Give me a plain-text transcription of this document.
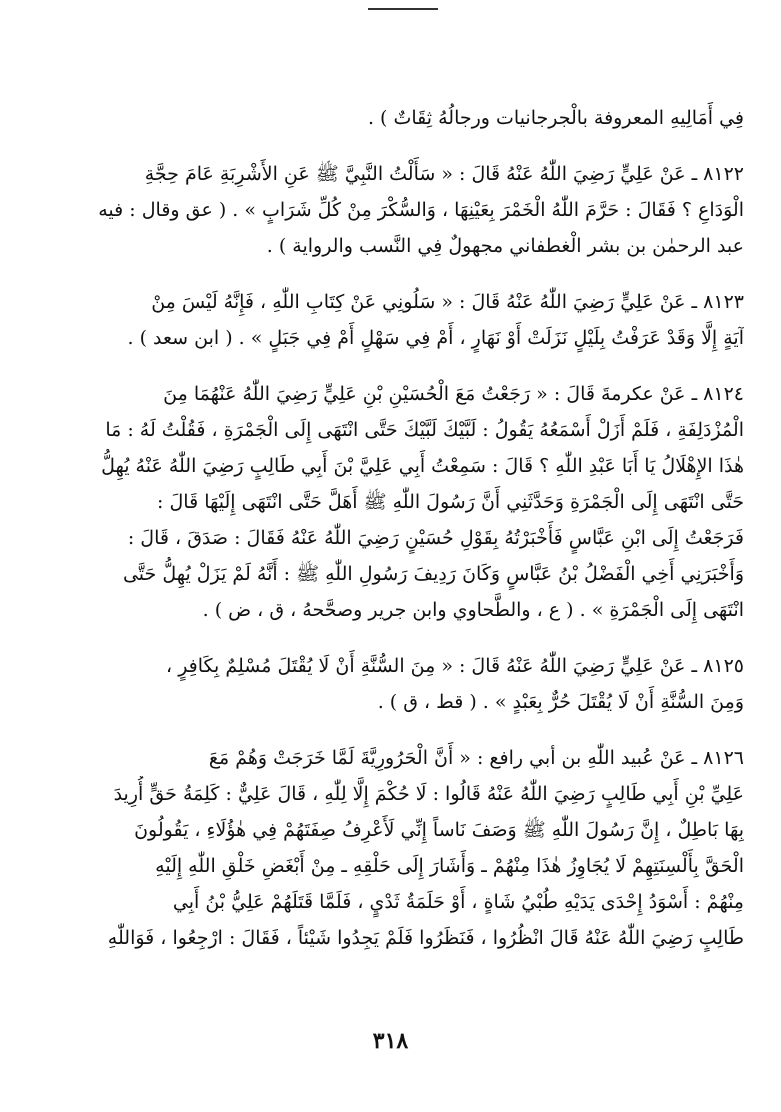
فِي أَمَالِيهِ المعروفة بالْجرجانيات ورجالُهُ ثِقَاتٌ ) .
٨١٢٢ ـ عَنْ عَلِيٍّ رَضِيَ اللّٰهُ عَنْهُ قَالَ : « سَأَلْتُ النَّبِيَّ ﷺ عَنِ الأَشْرِبَةِ عَامَ حِجَّةِ
الْوَدَاعِ ؟ فَقَالَ : حَرَّمَ اللّٰهُ الْخَمْرَ بِعَيْنِهَا ، وَالسُّكْرَ مِنْ كُلِّ شَرَابٍ » . ( عق وقال : فيه
عبد الرحمٰن بن بشر الْغطفاني مجهولٌ فِي النَّسب والرواية ) .
٨١٢٣ ـ عَنْ عَلِيٍّ رَضِيَ اللّٰهُ عَنْهُ قَالَ : « سَلُونِي عَنْ كِتَابِ اللّٰهِ ، فَإِنَّهُ لَيْسَ مِنْ
آيَةٍ إِلَّا وَقَدْ عَرَفْتُ بِلَيْلٍ نَزَلَتْ أَوْ نَهَارٍ ، أَمْ فِي سَهْلٍ أَمْ فِي جَبَلٍ » . ( ابن سعد ) .
٨١٢٤ ـ عَنْ عكرمةَ قَالَ : « رَجَعْتُ مَعَ الْحُسَيْنِ بْنِ عَلِيٍّ رَضِيَ اللّٰهُ عَنْهُمَا مِنَ
الْمُزْدَلِفَةِ ، فَلَمْ أَزَلْ أَسْمَعُهُ يَقُولُ : لَبَّيْكَ لَبَّيْكَ حَتَّى انْتَهَى إِلَى الْجَمْرَةِ ، فَقُلْتُ لَهُ : مَا
هٰذَا الإِهْلَالُ يَا أَبَا عَبْدِ اللّٰهِ ؟ قَالَ : سَمِعْتُ أَبِي عَلِيَّ بْنَ أَبِي طَالِبٍ رَضِيَ اللّٰهُ عَنْهُ يُهِلُّ
حَتَّى انْتَهَى إِلَى الْجَمْرَةِ وَحَدَّثَنِي أَنَّ رَسُولَ اللّٰهِ ﷺ أَهَلَّ حَتَّى انْتَهَى إِلَيْهَا قَالَ :
فَرَجَعْتُ إِلَى ابْنِ عَبَّاسٍ فَأَخْبَرْتُهُ بِقَوْلِ حُسَيْنٍ رَضِيَ اللّٰهُ عَنْهُ فَقَالَ : صَدَقَ ، قَالَ :
وَأَخْبَرَنِي أَخِي الْفَضْلُ بْنُ عَبَّاسٍ وَكَانَ رَدِيفَ رَسُولِ اللّٰهِ ﷺ : أَنَّهُ لَمْ يَزَلْ يُهِلُّ حَتَّى
انْتَهَى إِلَى الْجَمْرَةِ » . ( ع ، والطَّحاوي وابن جرير وصحَّحهُ ، ق ، ض ) .
٨١٢٥ ـ عَنْ عَلِيٍّ رَضِيَ اللّٰهُ عَنْهُ قَالَ : « مِنَ السُّنَّةِ أَنْ لَا يُقْتَلَ مُسْلِمٌ بِكَافِرٍ ،
وَمِنَ السُّنَّةِ أَنْ لَا يُقْتَلَ حُرٌّ بِعَبْدٍ » . ( قط ، ق ) .
٨١٢٦ ـ عَنْ عُبيد اللّٰهِ بن أبي رافع : « أَنَّ الْحَرُورِيَّةَ لَمَّا خَرَجَتْ وَهُمْ مَعَ
عَلِيِّ بْنِ أَبِي طَالِبٍ رَضِيَ اللّٰهُ عَنْهُ قَالُوا : لَا حُكْمَ إِلَّا لِلّٰهِ ، قَالَ عَلِيٌّ : كَلِمَةُ حَقٍّ أُرِيدَ
بِهَا بَاطِلٌ ، إِنَّ رَسُولَ اللّٰهِ ﷺ وَصَفَ نَاساً إِنِّي لَأَعْرِفُ صِفَتَهُمْ فِي هٰؤُلَاءِ ، يَقُولُونَ
الْحَقَّ بِأَلْسِنَتِهِمْ لَا يُجَاوِزُ هٰذَا مِنْهُمْ ـ وَأَشَارَ إِلَى حَلْقِهِ ـ مِنْ أَبْغَضِ خَلْقِ اللّٰهِ إِلَيْهِ
مِنْهُمْ : أَسْوَدُ إِحْدَى يَدَيْهِ طُبْيُ شَاةٍ ، أَوْ حَلَمَةُ ثَدْيٍ ، فَلَمَّا قَتَلَهُمْ عَلِيُّ بْنُ أَبِي
طَالِبٍ رَضِيَ اللّٰهُ عَنْهُ قَالَ انْظُرُوا ، فَنَظَرُوا فَلَمْ يَجِدُوا شَيْئاً ، فَقَالَ : ارْجِعُوا ، فَوَاللّٰهِ
٣١٨
